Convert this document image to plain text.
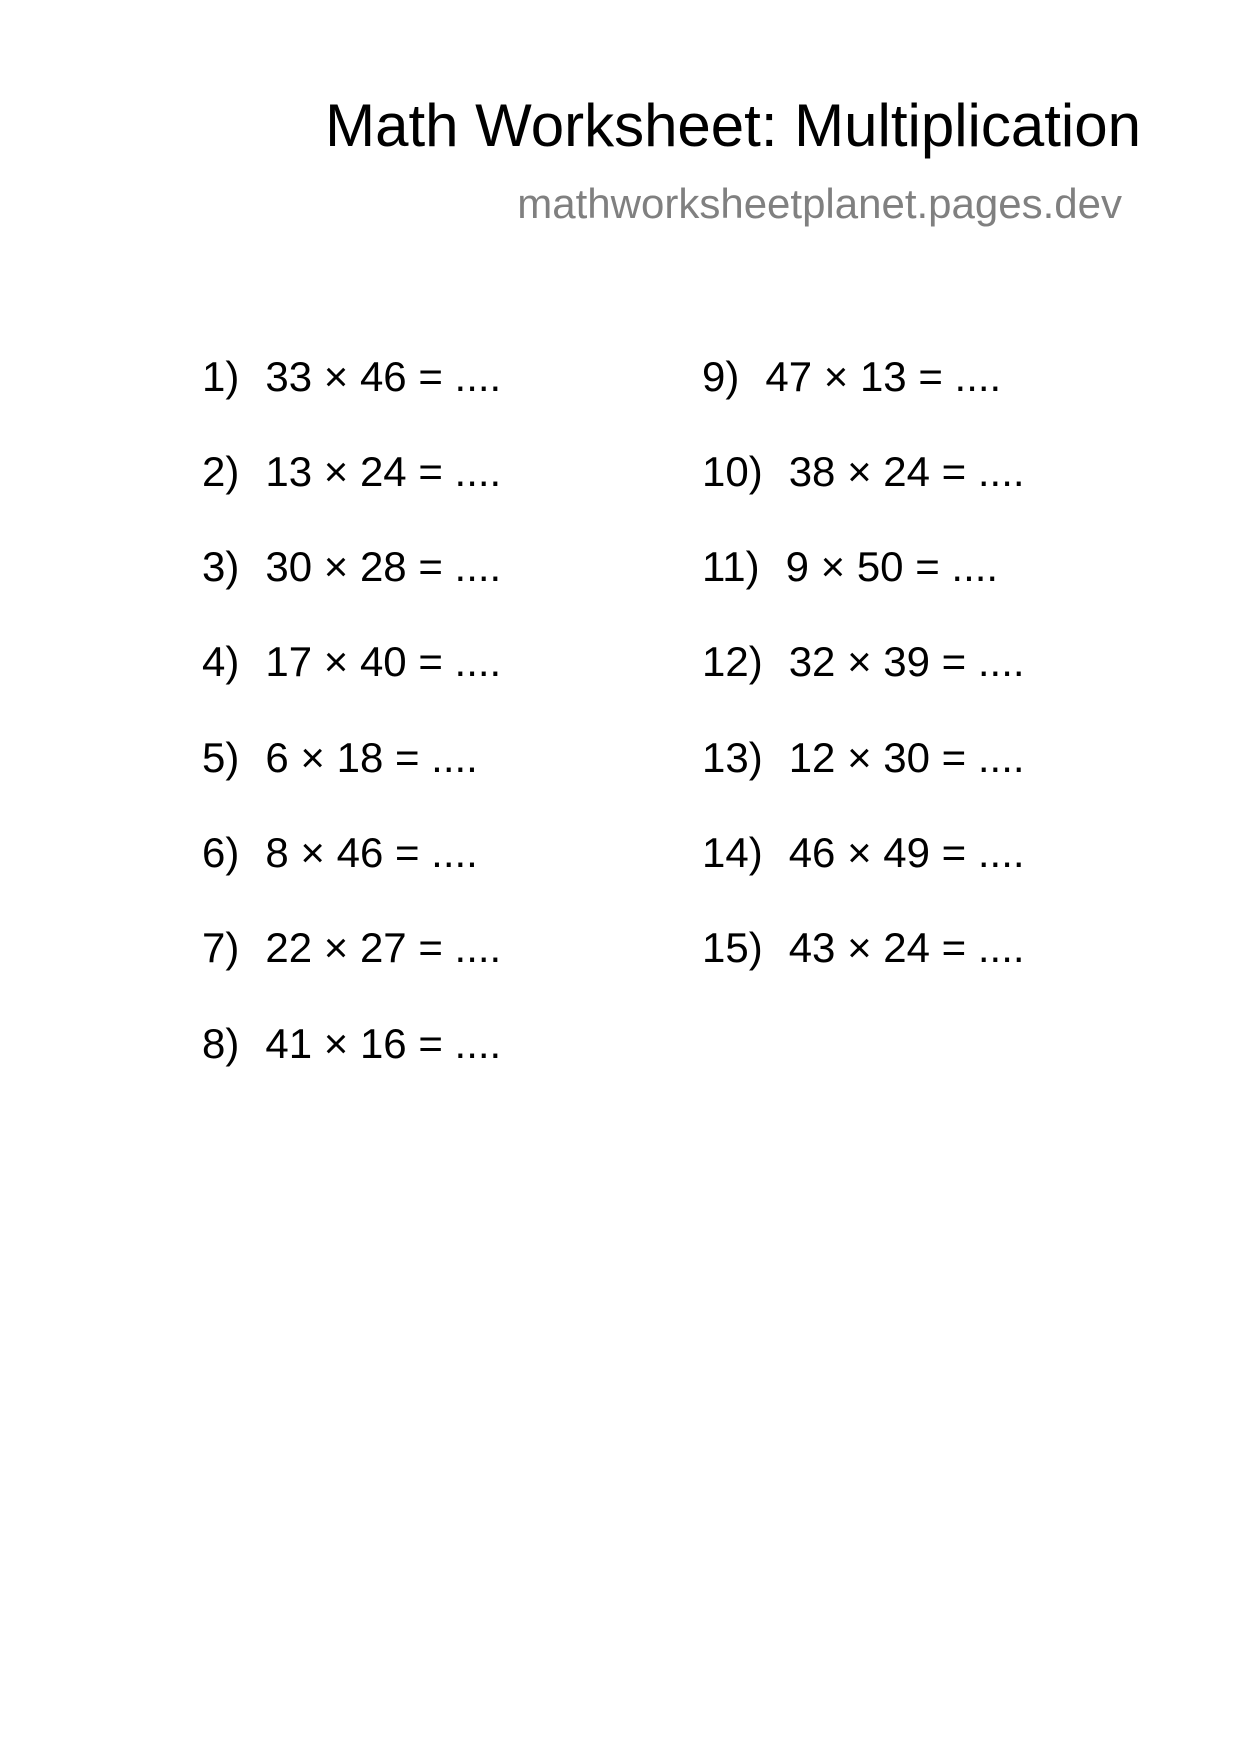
Math Worksheet: Multiplication
mathworksheetplanet.pages.dev
1) 33 × 46 = ....
2) 13 × 24 = ....
3) 30 × 28 = ....
4) 17 × 40 = ....
5) 6 × 18 = ....
6) 8 × 46 = ....
7) 22 × 27 = ....
8) 41 × 16 = ....
9) 47 × 13 = ....
10) 38 × 24 = ....
11) 9 × 50 = ....
12) 32 × 39 = ....
13) 12 × 30 = ....
14) 46 × 49 = ....
15) 43 × 24 = ....
